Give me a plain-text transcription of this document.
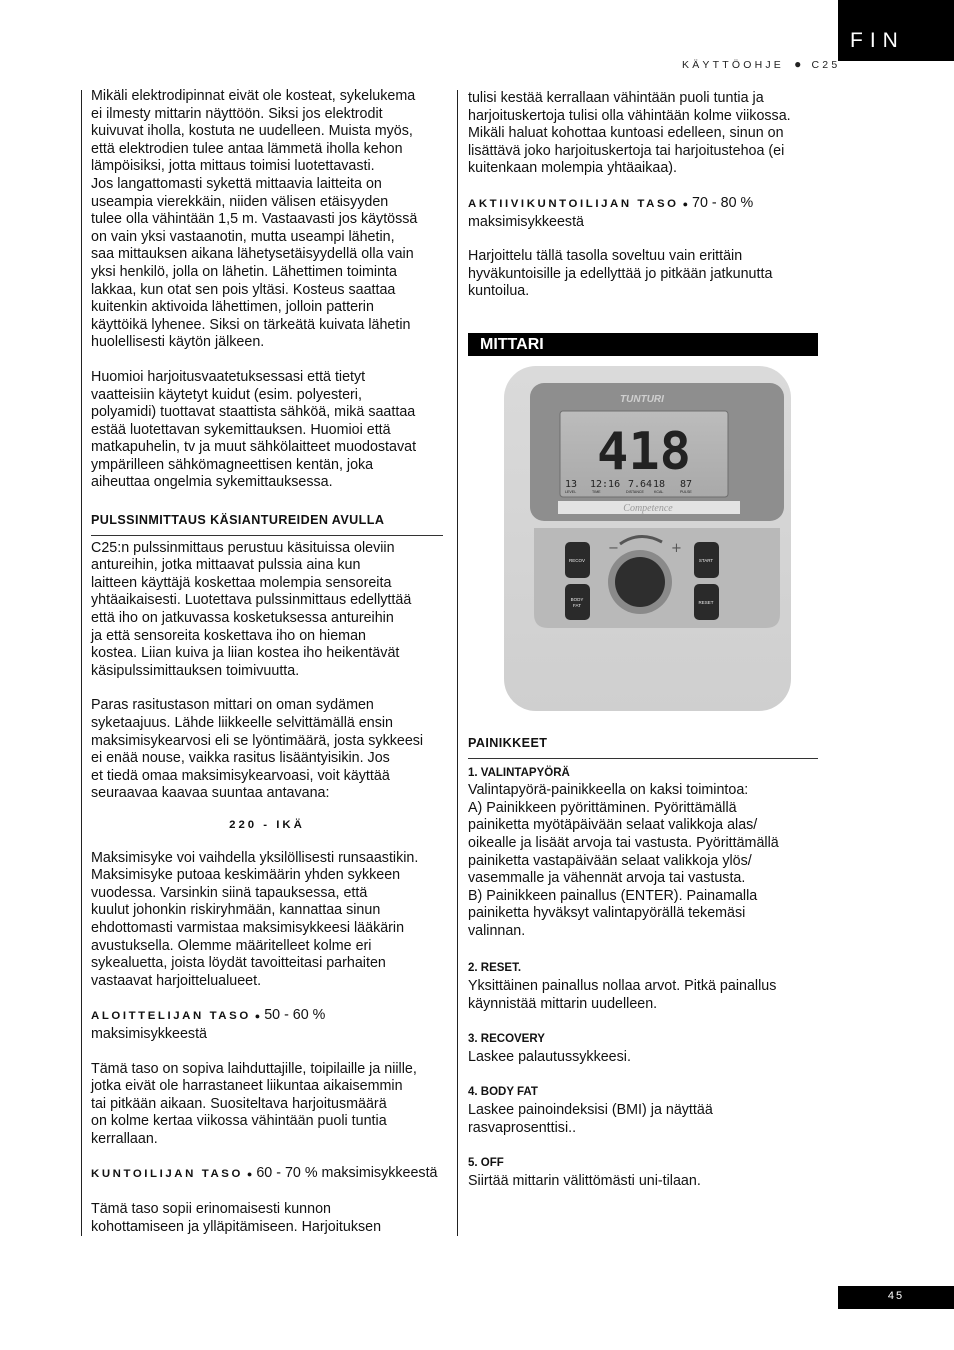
FIN
KÄYTTÖOHJE ● C25

Mikäli elektrodipinnat eivät ole kosteat, sykelukema
ei ilmesty mittarin näyttöön. Siksi jos elektrodit
kuivuvat iholla, kostuta ne uudelleen. Muista myös,
että elektrodien tulee antaa lämmetä iholla kehon
lämpöisiksi, jotta mittaus toimisi luotettavasti.
Jos langattomasti sykettä mittaavia laitteita on
useampia vierekkäin, niiden välisen etäisyyden
tulee olla vähintään 1,5 m. Vastaavasti jos käytössä
on vain yksi vastaanotin, mutta useampi lähetin,
saa mittauksen aikana lähetysetäisyydellä olla vain
yksi henkilö, jolla on lähetin. Lähettimen toiminta
lakkaa, kun otat sen pois yltäsi. Kosteus saattaa
kuitenkin aktivoida lähettimen, jolloin patterin
käyttöikä lyhenee. Siksi on tärkeätä kuivata lähetin
huolellisesti käytön jälkeen.

Huomioi harjoitusvaatetuksessasi että tietyt
vaatteisiin käytetyt kuidut (esim. polyesteri,
polyamidi) tuottavat staattista sähköä, mikä saattaa
estää luotettavan sykemittauksen. Huomioi että
matkapuhelin, tv ja muut sähkölaitteet muodostavat
ympärilleen sähkömagneettisen kentän, joka
aiheuttaa ongelmia sykemittauksessa.

PULSSINMITTAUS KÄSIANTUREIDEN AVULLA

C25:n pulssinmittaus perustuu käsituissa oleviin
antureihin, jotka mittaavat pulssia aina kun
laitteen käyttäjä koskettaa molempia sensoreita
yhtäaikaisesti. Luotettava pulssinmittaus edellyttää
että iho on jatkuvassa kosketuksessa antureihin
ja että sensoreita koskettava iho on hieman
kostea. Liian kuiva ja liian kostea iho heikentävät
käsipulssimittauksen toimivuutta.

Paras rasitustason mittari on oman sydämen
syketaajuus. Lähde liikkeelle selvittämällä ensin
maksimisykearvosi eli se lyöntimäärä, josta sykkeesi
ei enää nouse, vaikka rasitus lisääntyisikin. Jos
et tiedä omaa maksimisykearvoasi, voit käyttää
seuraavaa kaavaa suuntaa antavana:

220 - IKÄ

Maksimisyke voi vaihdella yksilöllisesti runsaastikin.
Maksimisyke putoaa keskimäärin yhden sykkeen
vuodessa. Varsinkin siinä tapauksessa, että
kuulut johonkin riskiryhmään, kannattaa sinun
ehdottomasti varmistaa maksimisykkeesi lääkärin
avustuksella. Olemme määritelleet kolme eri
sykealuetta, joista löydät tavoitteitasi parhaiten
vastaavat harjoittelualueet.

ALOITTELIJAN TASO ● 50 - 60 %

maksimisykkeestä

Tämä taso on sopiva laihduttajille, toipilaille ja niille,
jotka eivät ole harrastaneet liikuntaa aikaisemmin
tai pitkään aikaan. Suositeltava harjoitusmäärä
on kolme kertaa viikossa vähintään puoli tuntia
kerrallaan.

KUNTOILIJAN TASO ● 60 - 70 % maksimisykkeestä

Tämä taso sopii erinomaisesti kunnon
kohottamiseen ja ylläpitämiseen. Harjoituksen

tulisi kestää kerrallaan vähintään puoli tuntia ja
harjoituskertoja tulisi olla vähintään kolme viikossa.
Mikäli haluat kohottaa kuntoasi edelleen, sinun on
lisättävä joko harjoituskertoja tai harjoitustehoa (ei
kuitenkaan molempia yhtäaikaa).

AKTIIVIKUNTOILIJAN TASO ● 70 - 80 %

maksimisykkeestä

Harjoittelu tällä tasolla soveltuu vain erittäin
hyväkuntoisille ja edellyttää jo pitkään jatkunutta
kuntoilua.

MITTARI
TUNTURI
418
13 12:16 7.64 18 87
LEVEL	TIME	DISTANCE	KCAL	PULSE
Competence
−	+
RECOV
BODY
FAT
START
RESET
PAINIKKEET
1. VALINTAPYÖRÄ

Valintapyörä-painikkeella on kaksi toimintoa:
A) Painikkeen pyörittäminen. Pyörittämällä
painiketta myötäpäivään selaat valikkoja alas/
oikealle ja lisäät arvoja tai vastusta. Pyörittämällä
painiketta vastapäivään selaat valikkoja ylös/
vasemmalle ja vähennät arvoja tai vastusta.
B) Painikkeen painallus (ENTER). Painamalla
painiketta hyväksyt valintapyörällä tekemäsi
valinnan.

2. RESET.

Yksittäinen painallus nollaa arvot. Pitkä painallus
käynnistää mittarin uudelleen.

3. RECOVERY

Laskee palautussykkeesi.

4. BODY FAT

Laskee painoindeksisi (BMI) ja näyttää
rasvaprosenttisi..

5. OFF

Siirtää mittarin välittömästi uni-tilaan.

45
